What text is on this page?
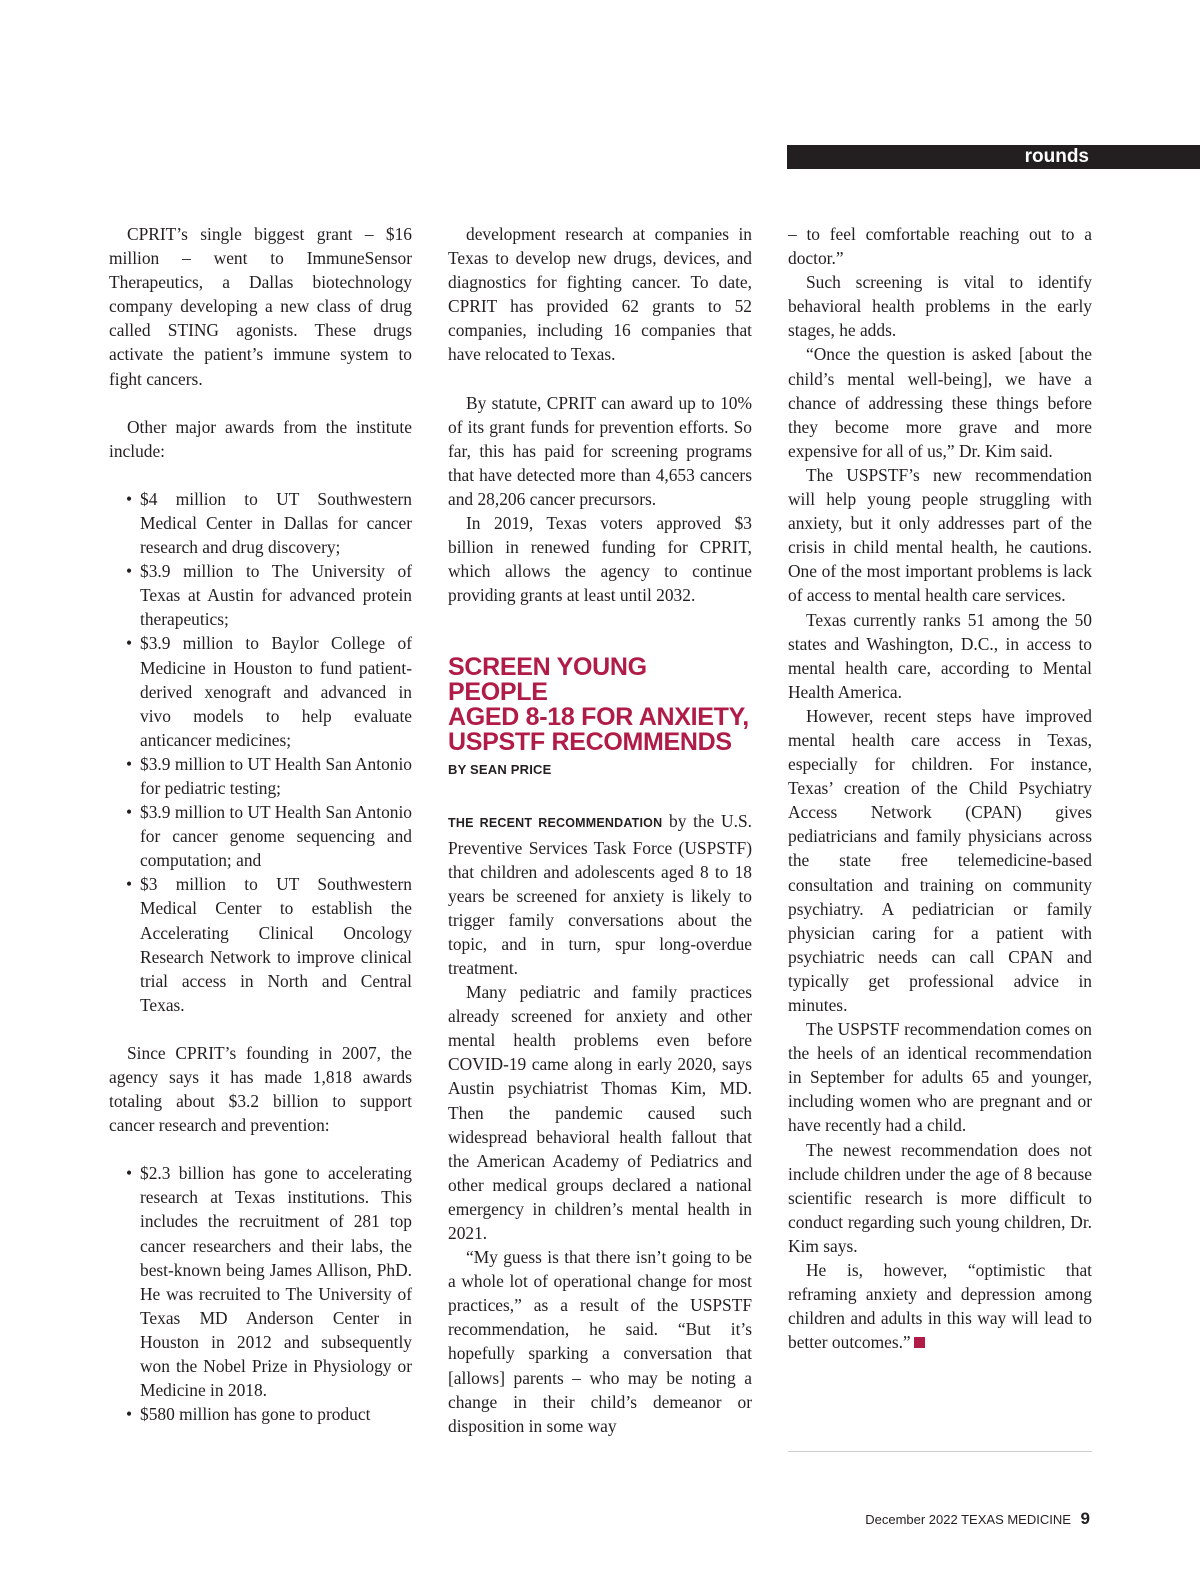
rounds

CPRIT’s single biggest grant – $16 million – went to ImmuneSensor Therapeutics, a Dallas biotechnology company developing a new class of drug called STING agonists. These drugs activate the patient’s immune system to fight cancers.

Other major awards from the institute include:

• $4 million to UT Southwestern Medical Center in Dallas for cancer research and drug discovery;
• $3.9 million to The University of Texas at Austin for advanced protein therapeutics;
• $3.9 million to Baylor College of Medicine in Houston to fund patient-derived xenograft and advanced in vivo models to help evaluate anticancer medicines;
• $3.9 million to UT Health San Antonio for pediatric testing;
• $3.9 million to UT Health San Antonio for cancer genome sequencing and computation; and
• $3 million to UT Southwestern Medical Center to establish the Accelerating Clinical Oncology Research Network to improve clinical trial access in North and Central Texas.

Since CPRIT’s founding in 2007, the agency says it has made 1,818 awards totaling about $3.2 billion to support cancer research and prevention:

• $2.3 billion has gone to accelerating research at Texas institutions. This includes the recruitment of 281 top cancer researchers and their labs, the best-known being James Allison, PhD. He was recruited to The University of Texas MD Anderson Center in Houston in 2012 and subsequently won the Nobel Prize in Physiology or Medicine in 2018.
• $580 million has gone to product

development research at companies in Texas to develop new drugs, devices, and diagnostics for fighting cancer. To date, CPRIT has provided 62 grants to 52 companies, including 16 companies that have relocated to Texas.

By statute, CPRIT can award up to 10% of its grant funds for prevention efforts. So far, this has paid for screening programs that have detected more than 4,653 cancers and 28,206 cancer precursors.

In 2019, Texas voters approved $3 billion in renewed funding for CPRIT, which allows the agency to continue providing grants at least until 2032.

SCREEN YOUNG PEOPLE
AGED 8-18 FOR ANXIETY,
USPSTF RECOMMENDS

BY SEAN PRICE

THE RECENT RECOMMENDATION by the U.S. Preventive Services Task Force (USPSTF) that children and adolescents aged 8 to 18 years be screened for anxiety is likely to trigger family conversations about the topic, and in turn, spur long-overdue treatment.

Many pediatric and family practices already screened for anxiety and other mental health problems even before COVID-19 came along in early 2020, says Austin psychiatrist Thomas Kim, MD. Then the pandemic caused such widespread behavioral health fallout that the American Academy of Pediatrics and other medical groups declared a national emergency in children’s mental health in 2021.

“My guess is that there isn’t going to be a whole lot of operational change for most practices,” as a result of the USPSTF recommendation, he said. “But it’s hopefully sparking a conversation that [allows] parents – who may be noting a change in their child’s demeanor or disposition in some way

– to feel comfortable reaching out to a doctor.”

Such screening is vital to identify behavioral health problems in the early stages, he adds.

“Once the question is asked [about the child’s mental well-being], we have a chance of addressing these things before they become more grave and more expensive for all of us,” Dr. Kim said.

The USPSTF’s new recommendation will help young people struggling with anxiety, but it only addresses part of the crisis in child mental health, he cautions. One of the most important problems is lack of access to mental health care services.

Texas currently ranks 51 among the 50 states and Washington, D.C., in access to mental health care, according to Mental Health America.

However, recent steps have improved mental health care access in Texas, especially for children. For instance, Texas’ creation of the Child Psychiatry Access Network (CPAN) gives pediatricians and family physicians across the state free telemedicine-based consultation and training on community psychiatry. A pediatrician or family physician caring for a patient with psychiatric needs can call CPAN and typically get professional advice in minutes.

The USPSTF recommendation comes on the heels of an identical recommendation in September for adults 65 and younger, including women who are pregnant and or have recently had a child.

The newest recommendation does not include children under the age of 8 because scientific research is more difficult to conduct regarding such young children, Dr. Kim says.

He is, however, “optimistic that reframing anxiety and depression among children and adults in this way will lead to better outcomes.”

December 2022 TEXAS MEDICINE 9
